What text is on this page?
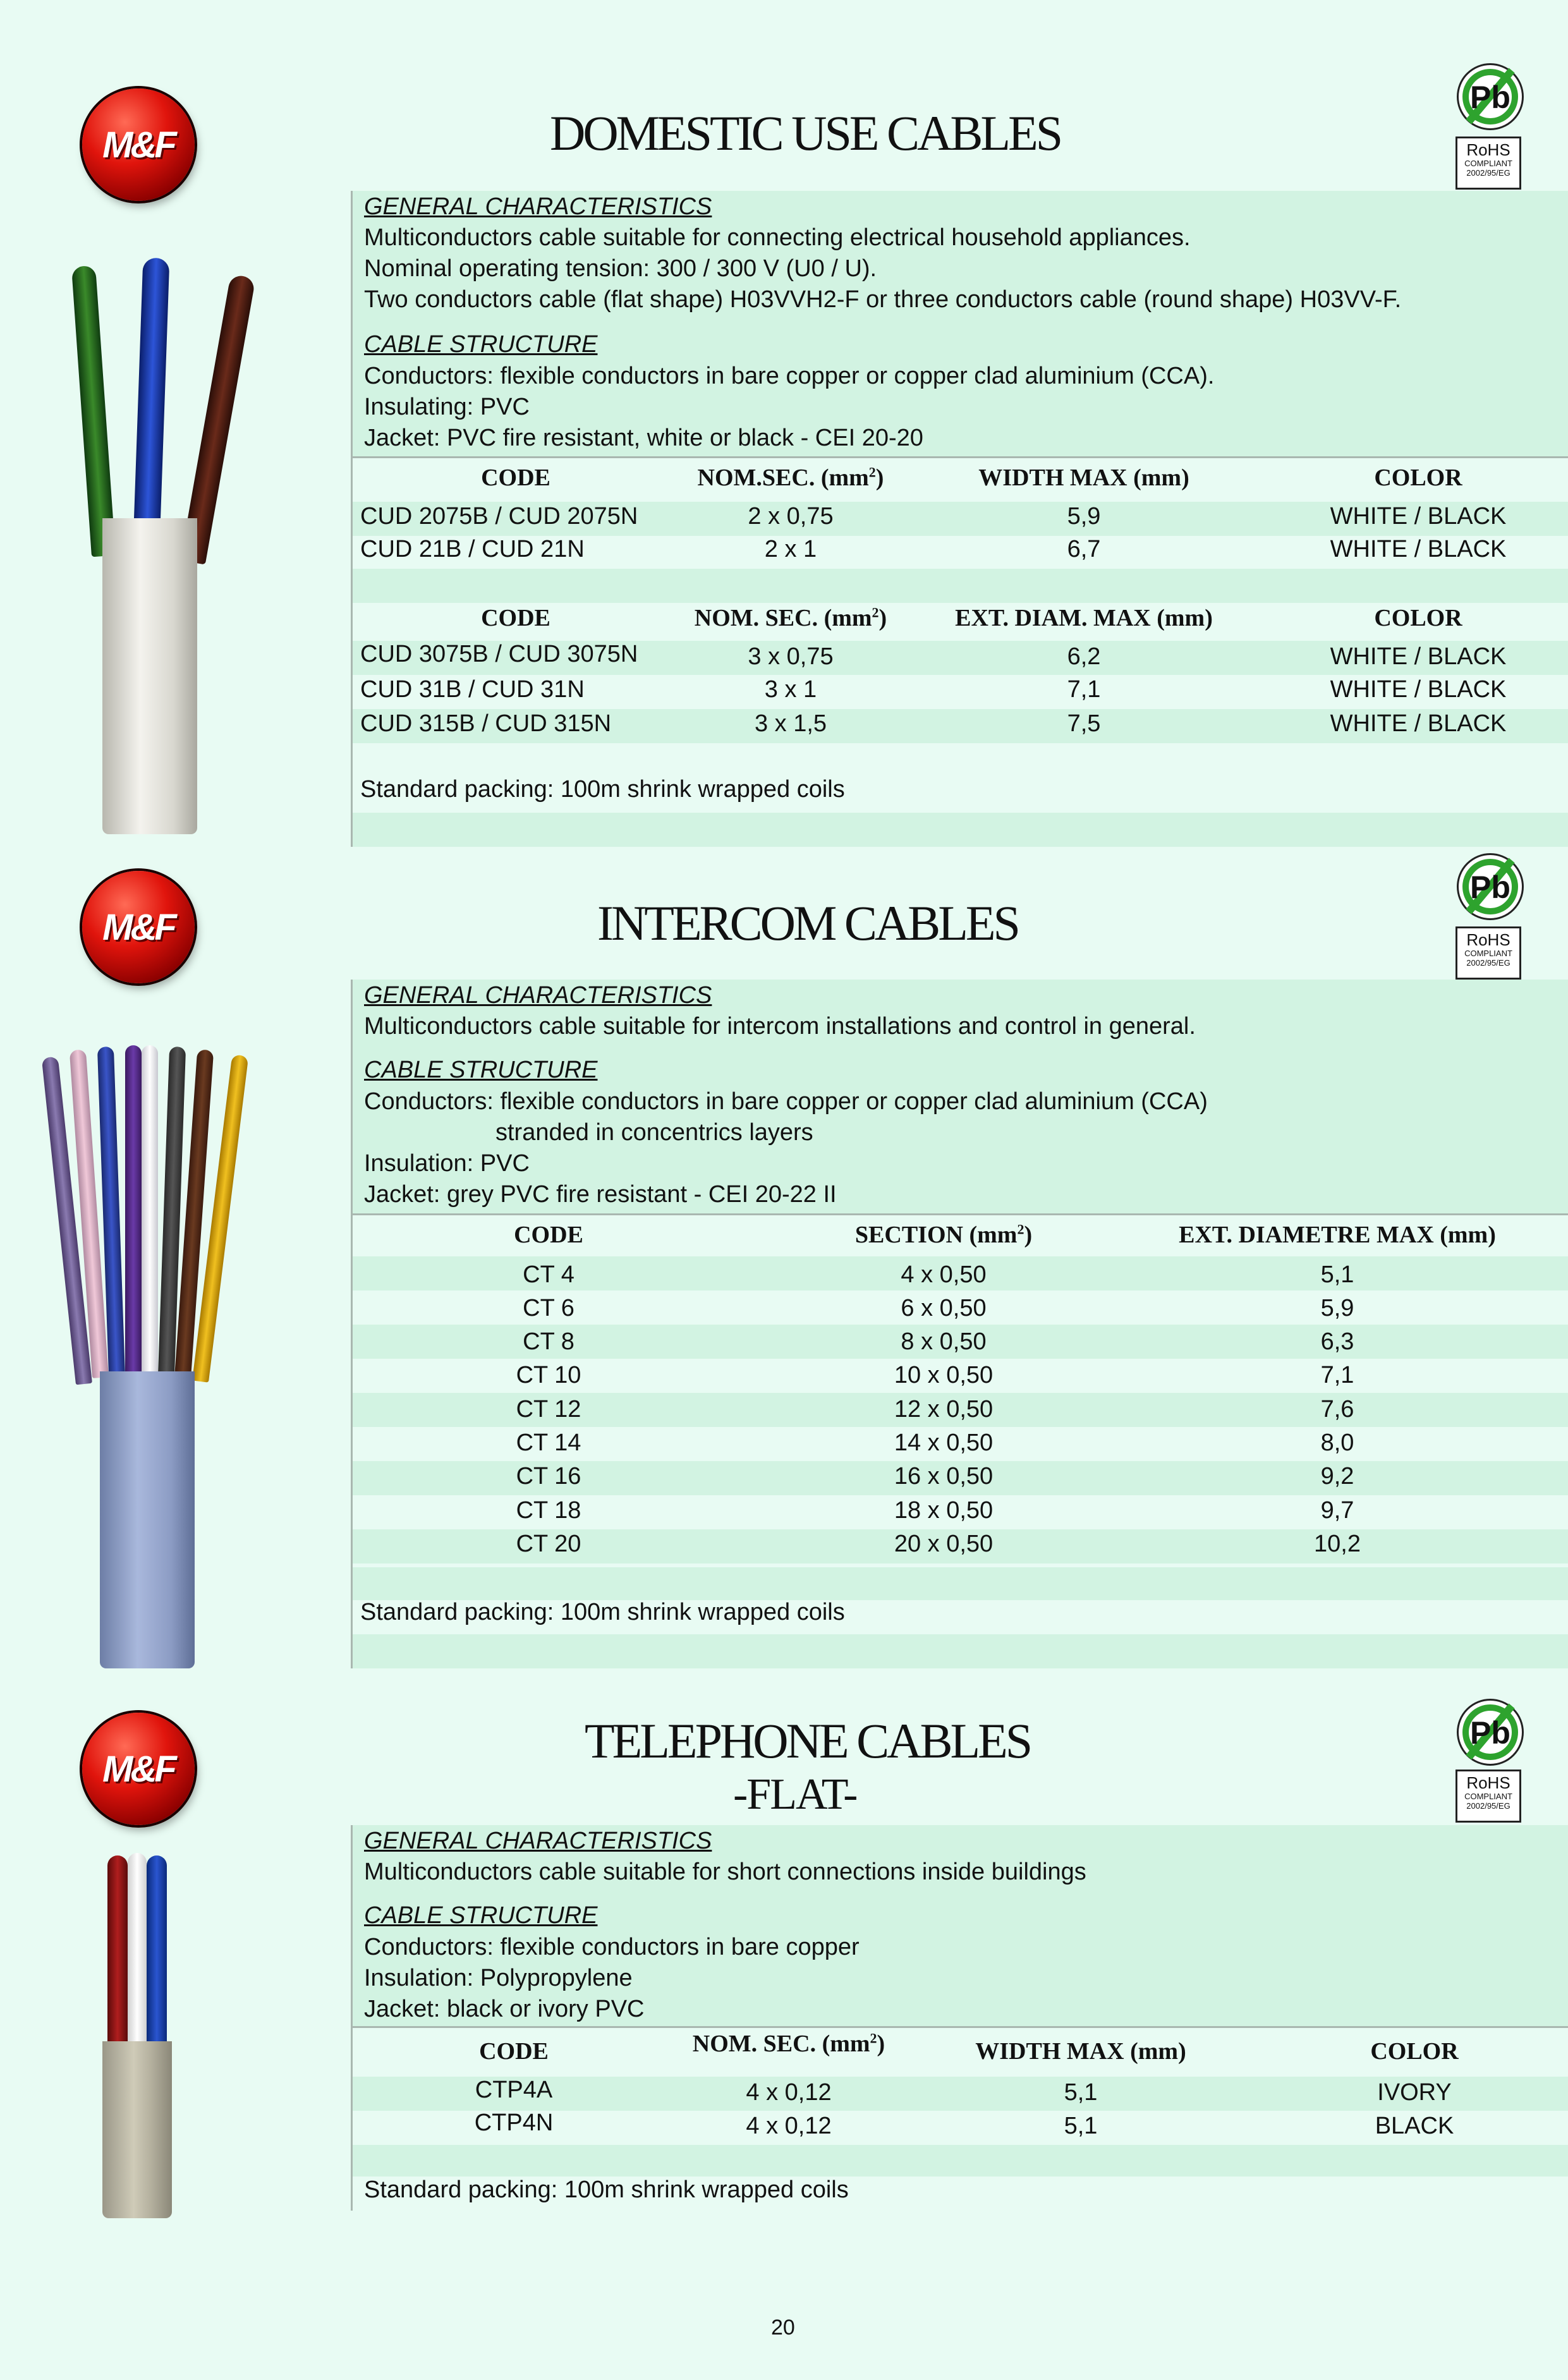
M&F	DOMESTIC USE CABLES
Pb
RoHS
COMPLIANT
2002/95/EG
GENERAL CHARACTERISTICS
Multiconductors cable suitable for connecting electrical household appliances.
Nominal operating tension: 300 / 300 V (U0 / U).
Two conductors cable (flat shape) H03VVH2-F or three conductors cable (round shape) H03VV-F.
CABLE STRUCTURE
Conductors: flexible conductors in bare copper or copper clad aluminium (CCA).
Insulating: PVC
Jacket: PVC fire resistant, white or black - CEI 20-20
CODE	NOM.SEC. $(mm^2)$	WIDTH MAX (mm)	COLOR
CUD 2075B / CUD 2075N	2 x 0,75	5,9	WHITE / BLACK
CUD 21B / CUD 21N	2 x 1	6,7	WHITE / BLACK
CODE	NOM. SEC. $(mm^2)$	EXT. DIAM. MAX (mm)	COLOR
CUD 3075B / CUD 3075N	3 x 0,75	6,2	WHITE / BLACK
CUD 31B / CUD 31N	3 x 1	7,1	WHITE / BLACK
CUD 315B / CUD 315N	3 x 1,5	7,5	WHITE / BLACK
Standard packing: 100m shrink wrapped coils
M&F	INTERCOM CABLES
Pb
RoHS
COMPLIANT
2002/95/EG
GENERAL CHARACTERISTICS
Multiconductors cable suitable for intercom installations and control in general.
CABLE STRUCTURE
Conductors: flexible conductors in bare copper or copper clad aluminium (CCA)
stranded in concentrics layers
Insulation: PVC
Jacket: grey PVC fire resistant - CEI 20-22 II
CODE	SECTION $(mm^2)$	EXT. DIAMETRE MAX (mm)
CT 4	4 x 0,50	5,1
CT 6	6 x 0,50	5,9
CT 8	8 x 0,50	6,3
CT 10	10 x 0,50	7,1
CT 12	12 x 0,50	7,6
CT 14	14 x 0,50	8,0
CT 16	16 x 0,50	9,2
CT 18	18 x 0,50	9,7
CT 20	20 x 0,50	10,2
Standard packing: 100m shrink wrapped coils
M&F
TELEPHONE CABLES
-FLAT-
Pb
RoHS
COMPLIANT
2002/95/EG
GENERAL CHARACTERISTICS
Multiconductors cable suitable for short connections inside buildings
CABLE STRUCTURE
Conductors: flexible conductors in bare copper
Insulation: Polypropylene
Jacket: black or ivory PVC
CODE	NOM. SEC. $(mm^2)$	WIDTH MAX (mm)	COLOR
CTP4A	4 x 0,12	5,1	IVORY
CTP4N	4 x 0,12	5,1	BLACK
Standard packing: 100m shrink wrapped coils
20
